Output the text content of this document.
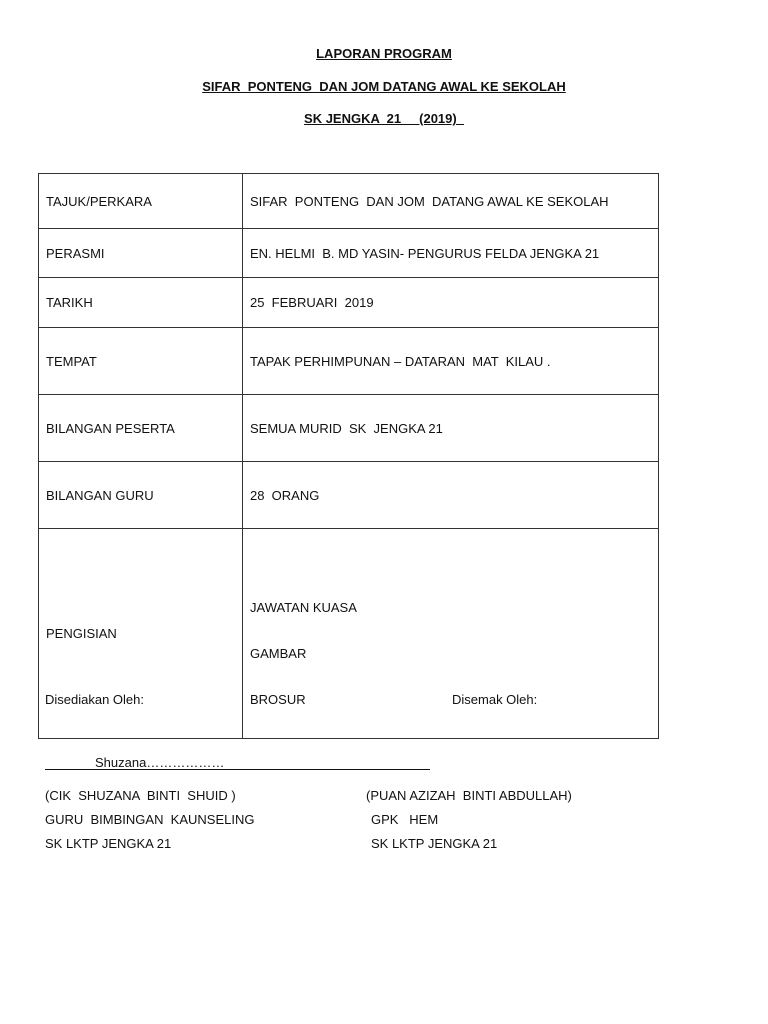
LAPORAN PROGRAM
SIFAR  PONTENG  DAN JOM DATANG AWAL KE SEKOLAH
SK JENGKA  21     (2019)
TAJUK/PERKARA	SIFAR  PONTENG  DAN JOM  DATANG AWAL KE SEKOLAH
PERASMI	EN. HELMI  B. MD YASIN- PENGURUS FELDA JENGKA 21
TARIKH	25  FEBRUARI  2019
TEMPAT	TAPAK PERHIMPUNAN – DATARAN  MAT  KILAU .
BILANGAN PESERTA	SEMUA MURID  SK  JENGKA 21
BILANGAN GURU	28  ORANG
PENGISIAN	JAWATAN KUASA

GAMBAR

BROSUR

Disediakan Oleh:	Disemak Oleh:
Shuzana………………
(CIK  SHUZANA  BINTI  SHUID )
GURU  BIMBINGAN  KAUNSELING
SK LKTP JENGKA 21
(PUAN AZIZAH  BINTI ABDULLAH)
GPK   HEM
SK LKTP JENGKA 21
